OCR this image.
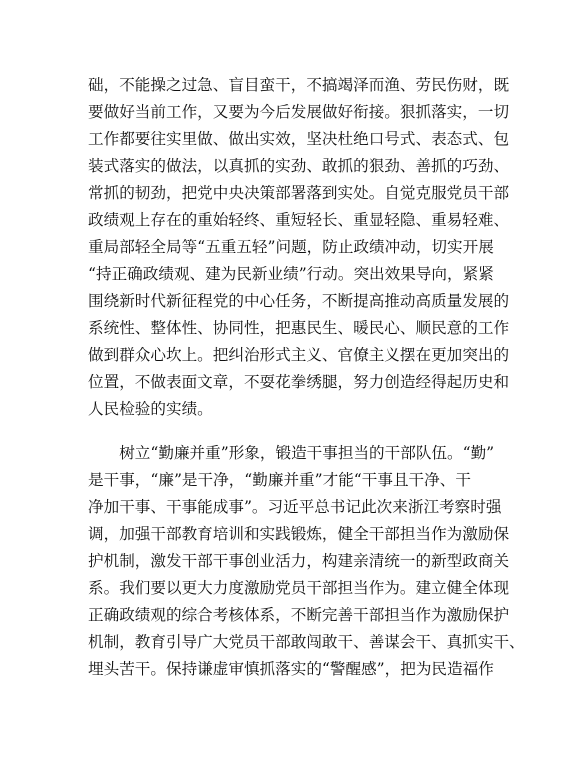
础，不能操之过急、盲目蛮干，不搞竭泽而渔、劳民伤财，既
要做好当前工作，又要为今后发展做好衔接。狠抓落实，一切
工作都要往实里做、做出实效，坚决杜绝口号式、表态式、包
装式落实的做法，以真抓的实劲、敢抓的狠劲、善抓的巧劲、
常抓的韧劲，把党中央决策部署落到实处。自觉克服党员干部
政绩观上存在的重始轻终、重短轻长、重显轻隐、重易轻难、
重局部轻全局等“五重五轻”问题，防止政绩冲动，切实开展
“持正确政绩观、建为民新业绩”行动。突出效果导向，紧紧
围绕新时代新征程党的中心任务，不断提高推动高质量发展的
系统性、整体性、协同性，把惠民生、暖民心、顺民意的工作
做到群众心坎上。把纠治形式主义、官僚主义摆在更加突出的
位置，不做表面文章，不耍花拳绣腿，努力创造经得起历史和
人民检验的实绩。
　　树立“勤廉并重”形象，锻造干事担当的干部队伍。“勤”
是干事，“廉”是干净，“勤廉并重”才能“干事且干净、干
净加干事、干事能成事”。习近平总书记此次来浙江考察时强
调，加强干部教育培训和实践锻炼，健全干部担当作为激励保
护机制，激发干部干事创业活力，构建亲清统一的新型政商关
系。我们要以更大力度激励党员干部担当作为。建立健全体现
正确政绩观的综合考核体系，不断完善干部担当作为激励保护
机制，教育引导广大党员干部敢闯敢干、善谋会干、真抓实干、
埋头苦干。保持谦虚审慎抓落实的“警醒感”，把为民造福作
